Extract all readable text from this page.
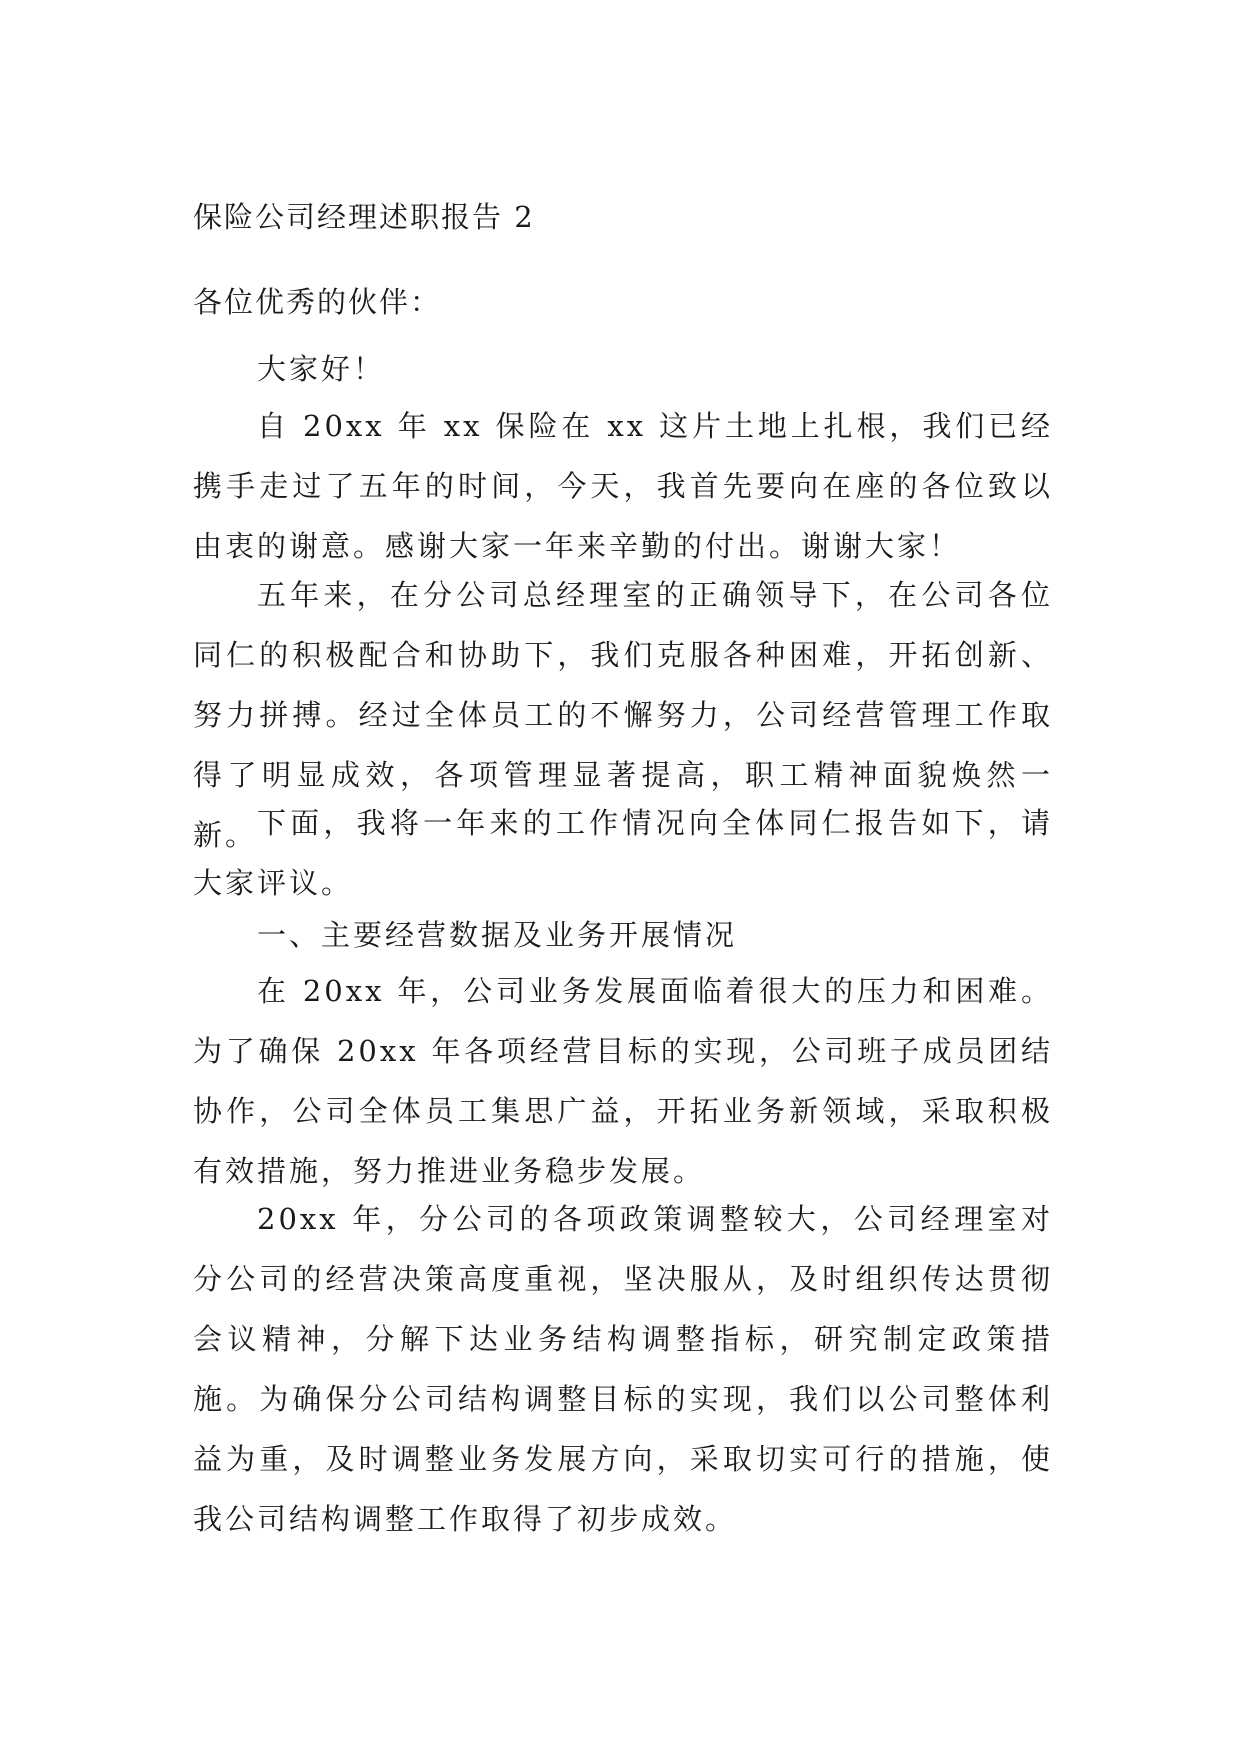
保险公司经理述职报告 2
各位优秀的伙伴：

大家好！

自 20xx 年 xx 保险在 xx 这片土地上扎根，我们已经携手走过了五年的时间，今天，我首先要向在座的各位致以由衷的谢意。感谢大家一年来辛勤的付出。谢谢大家！

五年来，在分公司总经理室的正确领导下，在公司各位同仁的积极配合和协助下，我们克服各种困难，开拓创新、努力拼搏。经过全体员工的不懈努力，公司经营管理工作取得了明显成效，各项管理显著提高，职工精神面貌焕然一新。 下面，我将一年来的工作情况向全体同仁报告如下，请大家评议。

一、主要经营数据及业务开展情况

在 20xx 年，公司业务发展面临着很大的压力和困难。为了确保 20xx 年各项经营目标的实现，公司班子成员团结协作，公司全体员工集思广益，开拓业务新领域，采取积极有效措施，努力推进业务稳步发展。

20xx 年，分公司的各项政策调整较大，公司经理室对分公司的经营决策高度重视，坚决服从，及时组织传达贯彻会议精神，分解下达业务结构调整指标，研究制定政策措施。为确保分公司结构调整目标的实现，我们以公司整体利益为重，及时调整业务发展方向，采取切实可行的措施，使我公司结构调整工作取得了初步成效。
